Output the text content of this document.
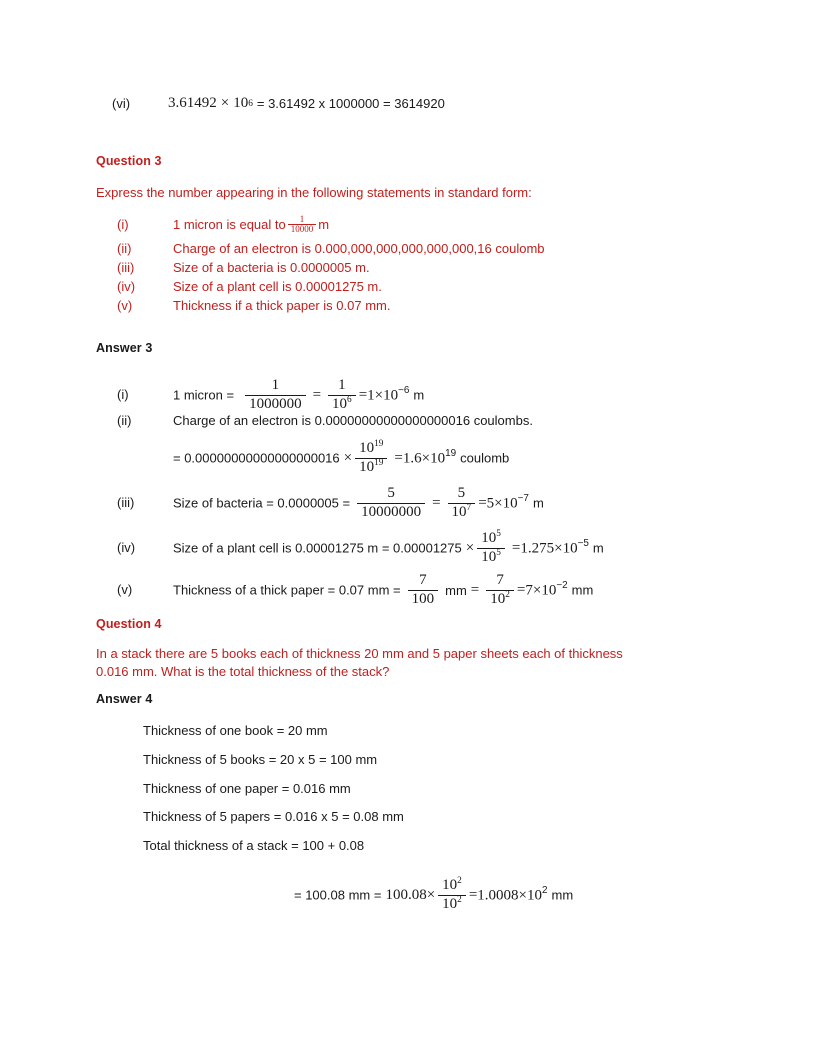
(vi)	3.61492 × 10 6 = 3.61492 x 1000000 = 3614920
Question 3
Express the number appearing in the following statements in standard form:
(i)	1 micron is equal to $\frac{1}{10000}$ m
(ii)	Charge of an electron is 0.000,000,000,000,000,000,16 coulomb
(iii)	Size of a bacteria is 0.0000005 m.
(iv)	Size of a plant cell is 0.00001275 m.
(v)	Thickness if a thick paper is 0.07 mm.
Answer 3
(i)	1 micron = $\frac{1}{1000000} = \frac{1}{10^6} =1\times 10^{-6}$ m
(ii)	Charge of an electron is 0.00000000000000000016 coulombs.
= $0.00000000000000000016 \times \frac{10^{19}}{10^{19}} =1.6\times 10^{19}$ coulomb
(iii)	Size of bacteria = $0.0000005 = \frac{5}{10000000} = \frac{5}{10^7} =5\times 10^{-7}$ m
(iv)	Size of a plant cell is 0.00001275 $m = 0.00001275 \times \frac{10^5}{10^5} =1.275\times 10^{-5}$ m
(v)	Thickness of a thick paper = 0.07 mm = $\frac{7}{100}$ mm = $\frac{7}{10^2} =7\times 10^{-2}$ mm
Question 4
In a stack there are 5 books each of thickness 20 mm and 5 paper sheets each of thickness
0.016 mm. What is the total thickness of the stack?
Answer 4
Thickness of one book = 20 mm
Thickness of 5 books = 20 x 5 = 100 mm
Thickness of one paper = 0.016 mm
Thickness of 5 papers = 0.016 x 5 = 0.08 mm
Total thickness of a stack = 100 + 0.08
= 100.08 mm = $100.08\times \frac{10^2}{10^2} =1.0008\times 10^2$ mm
